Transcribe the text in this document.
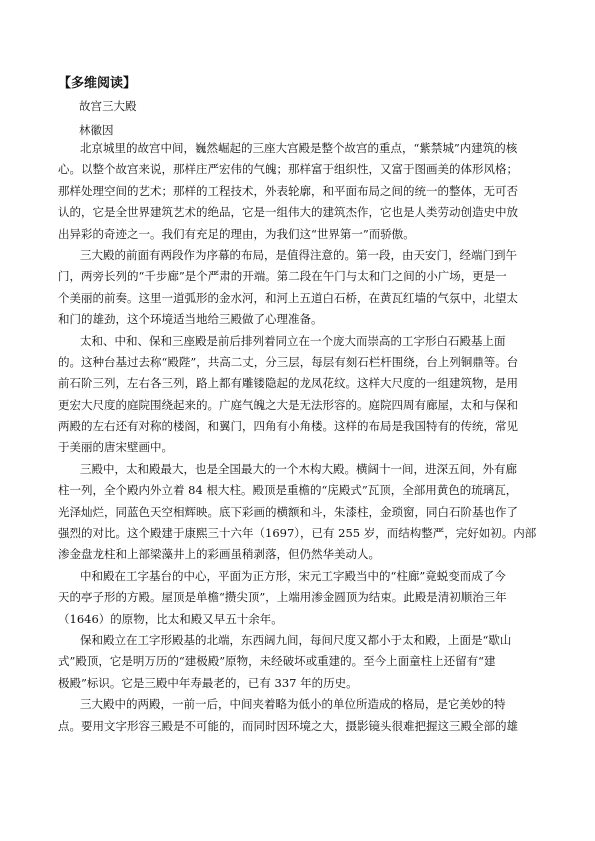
【多维阅读】
故宫三大殿
林徽因
北京城里的故宫中间，巍然崛起的三座大宫殿是整个故宫的重点，“紫禁城”内建筑的核
心。以整个故宫来说，那样庄严宏伟的气魄；那样富于组织性，又富于图画美的体形风格；
那样处理空间的艺术；那样的工程技术，外表轮廓，和平面布局之间的统一的整体，无可否
认的，它是全世界建筑艺术的绝品，它是一组伟大的建筑杰作，它也是人类劳动创造史中放
出异彩的奇迹之一。我们有充足的理由，为我们这“世界第一”而骄傲。
三大殿的前面有两段作为序幕的布局，是值得注意的。第一段，由天安门，经端门到午
门，两旁长列的“千步廊”是个严肃的开端。第二段在午门与太和门之间的小广场，更是一
个美丽的前奏。这里一道弧形的金水河，和河上五道白石桥，在黄瓦红墙的气氛中，北望太
和门的雄劲，这个环境适当地给三殿做了心理准备。
太和、中和、保和三座殿是前后排列着同立在一个庞大而崇高的工字形白石殿基上面
的。这种台基过去称“殿陛”，共高二丈，分三层，每层有刻石栏杆围绕，台上列铜鼎等。台
前石阶三列，左右各三列，路上都有雕镂隐起的龙凤花纹。这样大尺度的一组建筑物，是用
更宏大尺度的庭院围绕起来的。广庭气魄之大是无法形容的。庭院四周有廊屋，太和与保和
两殿的左右还有对称的楼阁，和翼门，四角有小角楼。这样的布局是我国特有的传统，常见
于美丽的唐宋壁画中。
三殿中，太和殿最大，也是全国最大的一个木构大殿。横阔十一间，进深五间，外有廊
柱一列，全个殿内外立着 84 根大柱。殿顶是重檐的“庑殿式”瓦顶，全部用黄色的琉璃瓦，
光泽灿烂，同蓝色天空相辉映。底下彩画的横额和斗，朱漆柱，金琐窗，同白石阶基也作了
强烈的对比。这个殿建于康熙三十六年（1697），已有 255 岁，而结构整严，完好如初。内部
渗金盘龙柱和上部梁藻井上的彩画虽稍剥落，但仍然华美动人。
中和殿在工字基台的中心，平面为正方形，宋元工字殿当中的“柱廊”竟蜕变而成了今
天的亭子形的方殿。屋顶是单檐“攒尖顶”，上端用渗金圆顶为结束。此殿是清初顺治三年
（1646）的原物，比太和殿又早五十余年。
保和殿立在工字形殿基的北端，东西阔九间，每间尺度又都小于太和殿，上面是“歇山
式”殿顶，它是明万历的“建极殿”原物，未经破坏或重建的。至今上面童柱上还留有“建
极殿”标识。它是三殿中年寿最老的，已有 337 年的历史。
三大殿中的两殿，一前一后，中间夹着略为低小的单位所造成的格局，是它美妙的特
点。要用文字形容三殿是不可能的，而同时因环境之大，摄影镜头很难把握这三殿全部的雄
